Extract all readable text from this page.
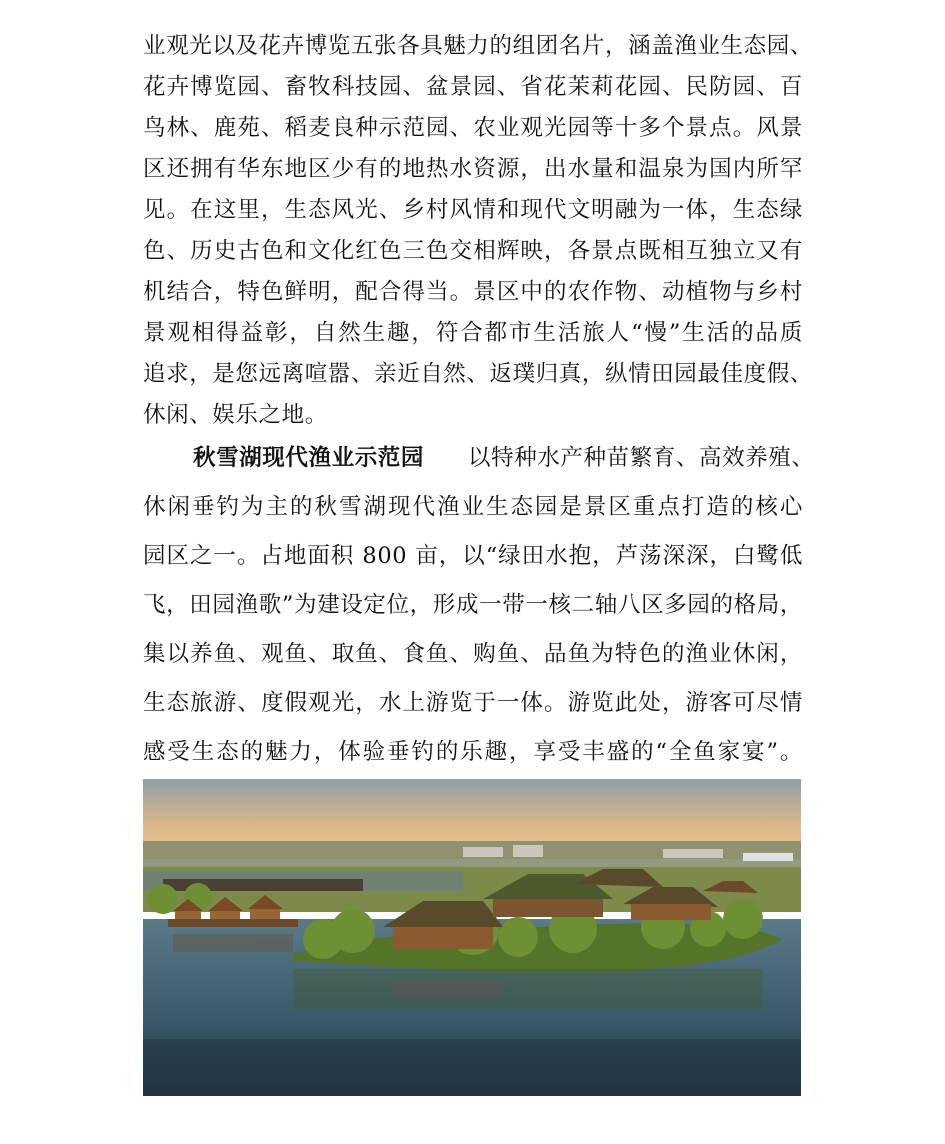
业观光以及花卉博览五张各具魅力的组团名片，涵盖渔业生态园、
花卉博览园、畜牧科技园、盆景园、省花茉莉花园、民防园、百
鸟林、鹿苑、稻麦良种示范园、农业观光园等十多个景点。风景
区还拥有华东地区少有的地热水资源，出水量和温泉为国内所罕
见。在这里，生态风光、乡村风情和现代文明融为一体，生态绿
色、历史古色和文化红色三色交相辉映，各景点既相互独立又有
机结合，特色鲜明，配合得当。景区中的农作物、动植物与乡村
景观相得益彰，自然生趣，符合都市生活旅人“慢”生活的品质
追求，是您远离喧嚣、亲近自然、返璞归真，纵情田园最佳度假、
休闲、娱乐之地。
秋雪湖现代渔业示范园 以特种水产种苗繁育、高效养殖、
休闲垂钓为主的秋雪湖现代渔业生态园是景区重点打造的核心
园区之一。占地面积 800 亩，以“绿田水抱，芦荡深深，白鹭低
飞，田园渔歌”为建设定位，形成一带一核二轴八区多园的格局，
集以养鱼、观鱼、取鱼、食鱼、购鱼、品鱼为特色的渔业休闲，
生态旅游、度假观光，水上游览于一体。游览此处，游客可尽情
感受生态的魅力，体验垂钓的乐趣，享受丰盛的“全鱼家宴”。
